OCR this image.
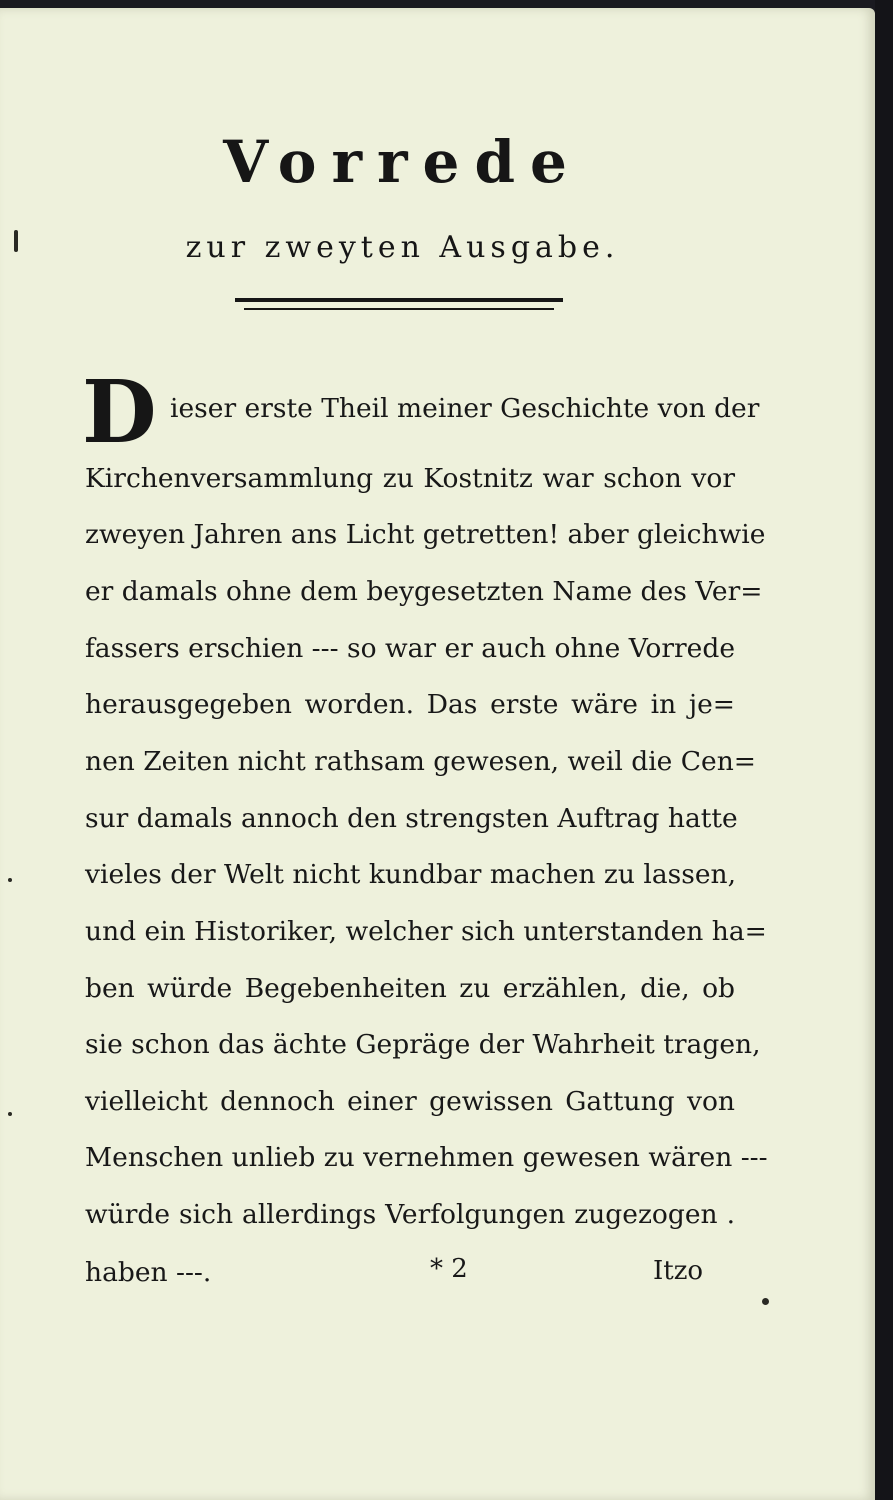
Vorrede
zur zweyten Ausgabe.
D ieser erste Theil meiner Geschichte von der
Kirchenversammlung zu Kostnitz war schon vor
zweyen Jahren ans Licht getretten! aber gleichwie
er damals ohne dem beygesetzten Name des Ver=
fassers erschien --- so war er auch ohne Vorrede
herausgegeben worden. Das erste wäre in je=
nen Zeiten nicht rathsam gewesen, weil die Cen=
sur damals annoch den strengsten Auftrag hatte
vieles der Welt nicht kundbar machen zu lassen,
und ein Historiker, welcher sich unterstanden ha=
ben würde Begebenheiten zu erzählen, die, ob
sie schon das ächte Gepräge der Wahrheit tragen,
vielleicht dennoch einer gewissen Gattung von
Menschen unlieb zu vernehmen gewesen wären ---
würde sich allerdings Verfolgungen zugezogen .
haben ---.	* 2	Itzo
